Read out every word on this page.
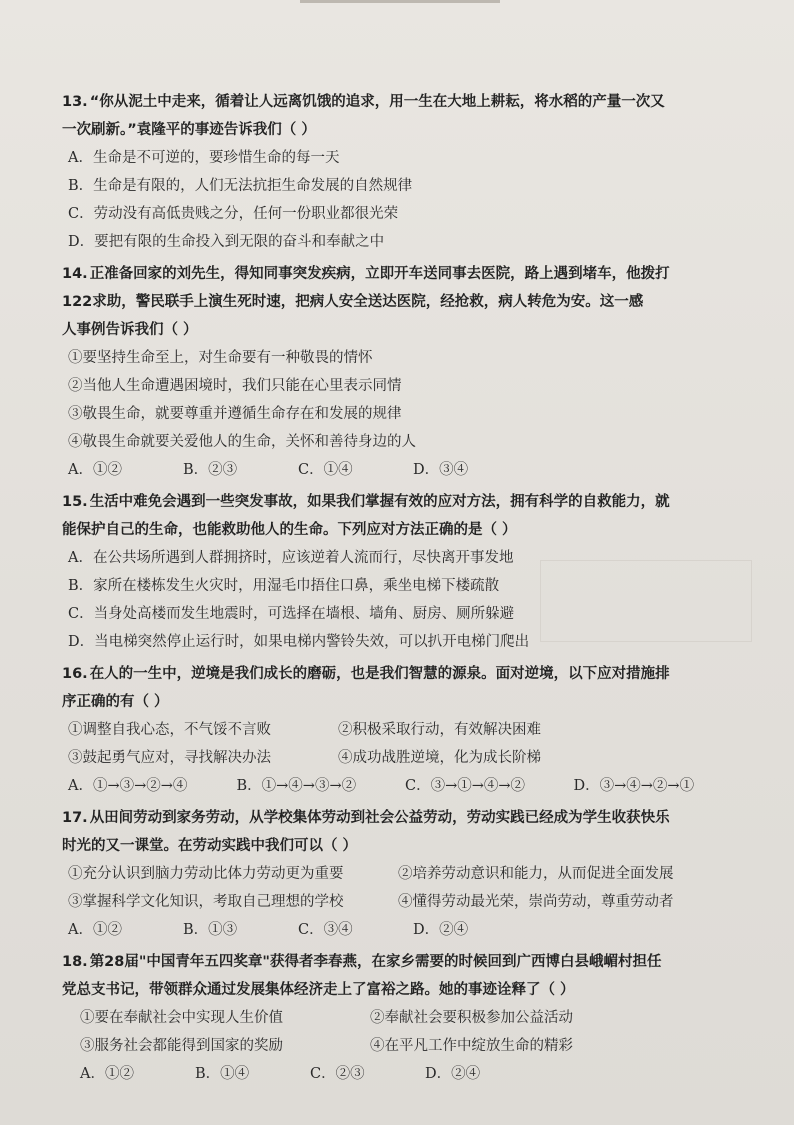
13. “你从泥土中走来，循着让人远离饥饿的追求，用一生在大地上耕耘，将水稻的产量一次又

一次刷新。”袁隆平的事迹告诉我们（ ）

A．生命是不可逆的，要珍惜生命的每一天
B．生命是有限的，人们无法抗拒生命发展的自然规律
C．劳动没有高低贵贱之分，任何一份职业都很光荣
D．要把有限的生命投入到无限的奋斗和奉献之中

14. 正准备回家的刘先生，得知同事突发疾病，立即开车送同事去医院，路上遇到堵车，他拨打

122求助，警民联手上演生死时速，把病人安全送达医院，经抢救，病人转危为安。这一感

人事例告诉我们（ ）

①要坚持生命至上，对生命要有一种敬畏的情怀
②当他人生命遭遇困境时，我们只能在心里表示同情
③敬畏生命，就要尊重并遵循生命存在和发展的规律
④敬畏生命就要关爱他人的生命，关怀和善待身边的人
A．①②	B．②③	C．①④	D．③④

15. 生活中难免会遇到一些突发事故，如果我们掌握有效的应对方法，拥有科学的自救能力，就

能保护自己的生命，也能救助他人的生命。下列应对方法正确的是（ ）

A．在公共场所遇到人群拥挤时，应该逆着人流而行，尽快离开事发地
B．家所在楼栋发生火灾时，用湿毛巾捂住口鼻，乘坐电梯下楼疏散
C．当身处高楼而发生地震时，可选择在墙根、墙角、厨房、厕所躲避
D．当电梯突然停止运行时，如果电梯内警铃失效，可以扒开电梯门爬出

16. 在人的一生中，逆境是我们成长的磨砺，也是我们智慧的源泉。面对逆境，以下应对措施排

序正确的有（ ）

①调整自我心态，不气馁不言败	②积极采取行动，有效解决困难
③鼓起勇气应对，寻找解决办法	④成功战胜逆境，化为成长阶梯
A．①→③→②→④	B．①→④→③→②	C．③→①→④→②	D．③→④→②→①

17. 从田间劳动到家务劳动，从学校集体劳动到社会公益劳动，劳动实践已经成为学生收获快乐

时光的又一课堂。在劳动实践中我们可以（ ）

①充分认识到脑力劳动比体力劳动更为重要	②培养劳动意识和能力，从而促进全面发展
③掌握科学文化知识，考取自己理想的学校	④懂得劳动最光荣，崇尚劳动，尊重劳动者
A．①②	B．①③	C．③④	D．②④

18. 第28届"中国青年五四奖章"获得者李春燕，在家乡需要的时候回到广西博白县峨嵋村担任

党总支书记，带领群众通过发展集体经济走上了富裕之路。她的事迹诠释了（ ）

①要在奉献社会中实现人生价值	②奉献社会要积极参加公益活动
③服务社会都能得到国家的奖励	④在平凡工作中绽放生命的精彩
A．①②	B．①④	C．②③	D．②④
